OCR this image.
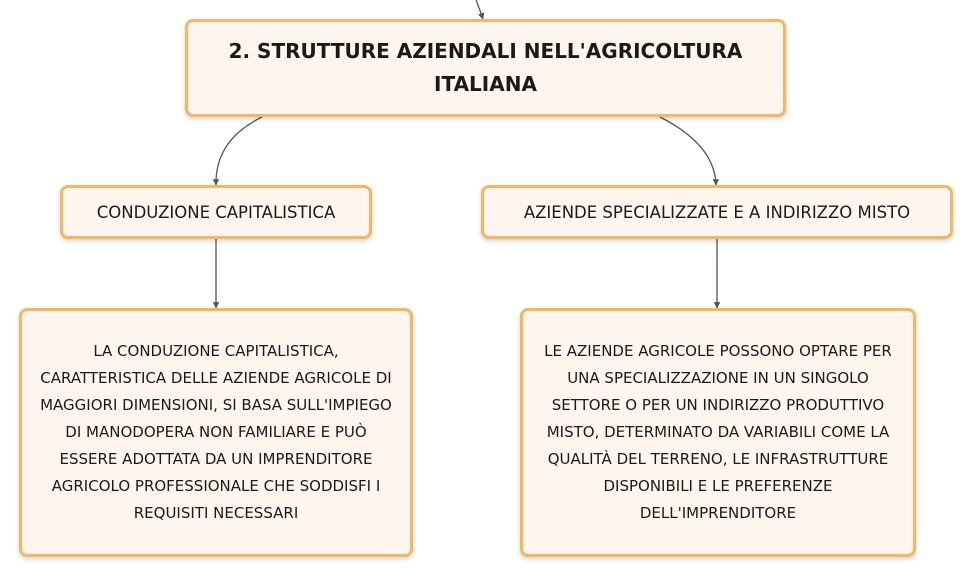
2. STRUTTURE AZIENDALI NELL'AGRICOLTURA ITALIANA
CONDUZIONE CAPITALISTICA	AZIENDE SPECIALIZZATE E A INDIRIZZO MISTO
LA CONDUZIONE CAPITALISTICA, CARATTERISTICA DELLE AZIENDE AGRICOLE DI MAGGIORI DIMENSIONI, SI BASA SULL'IMPIEGO DI MANODOPERA NON FAMILIARE E PUÒ ESSERE ADOTTATA DA UN IMPRENDITORE AGRICOLO PROFESSIONALE CHE SODDISFI I REQUISITI NECESSARI
LE AZIENDE AGRICOLE POSSONO OPTARE PER UNA SPECIALIZZAZIONE IN UN SINGOLO SETTORE O PER UN INDIRIZZO PRODUTTIVO MISTO, DETERMINATO DA VARIABILI COME LA QUALITÀ DEL TERRENO, LE INFRASTRUTTURE DISPONIBILI E LE PREFERENZE DELL'IMPRENDITORE
